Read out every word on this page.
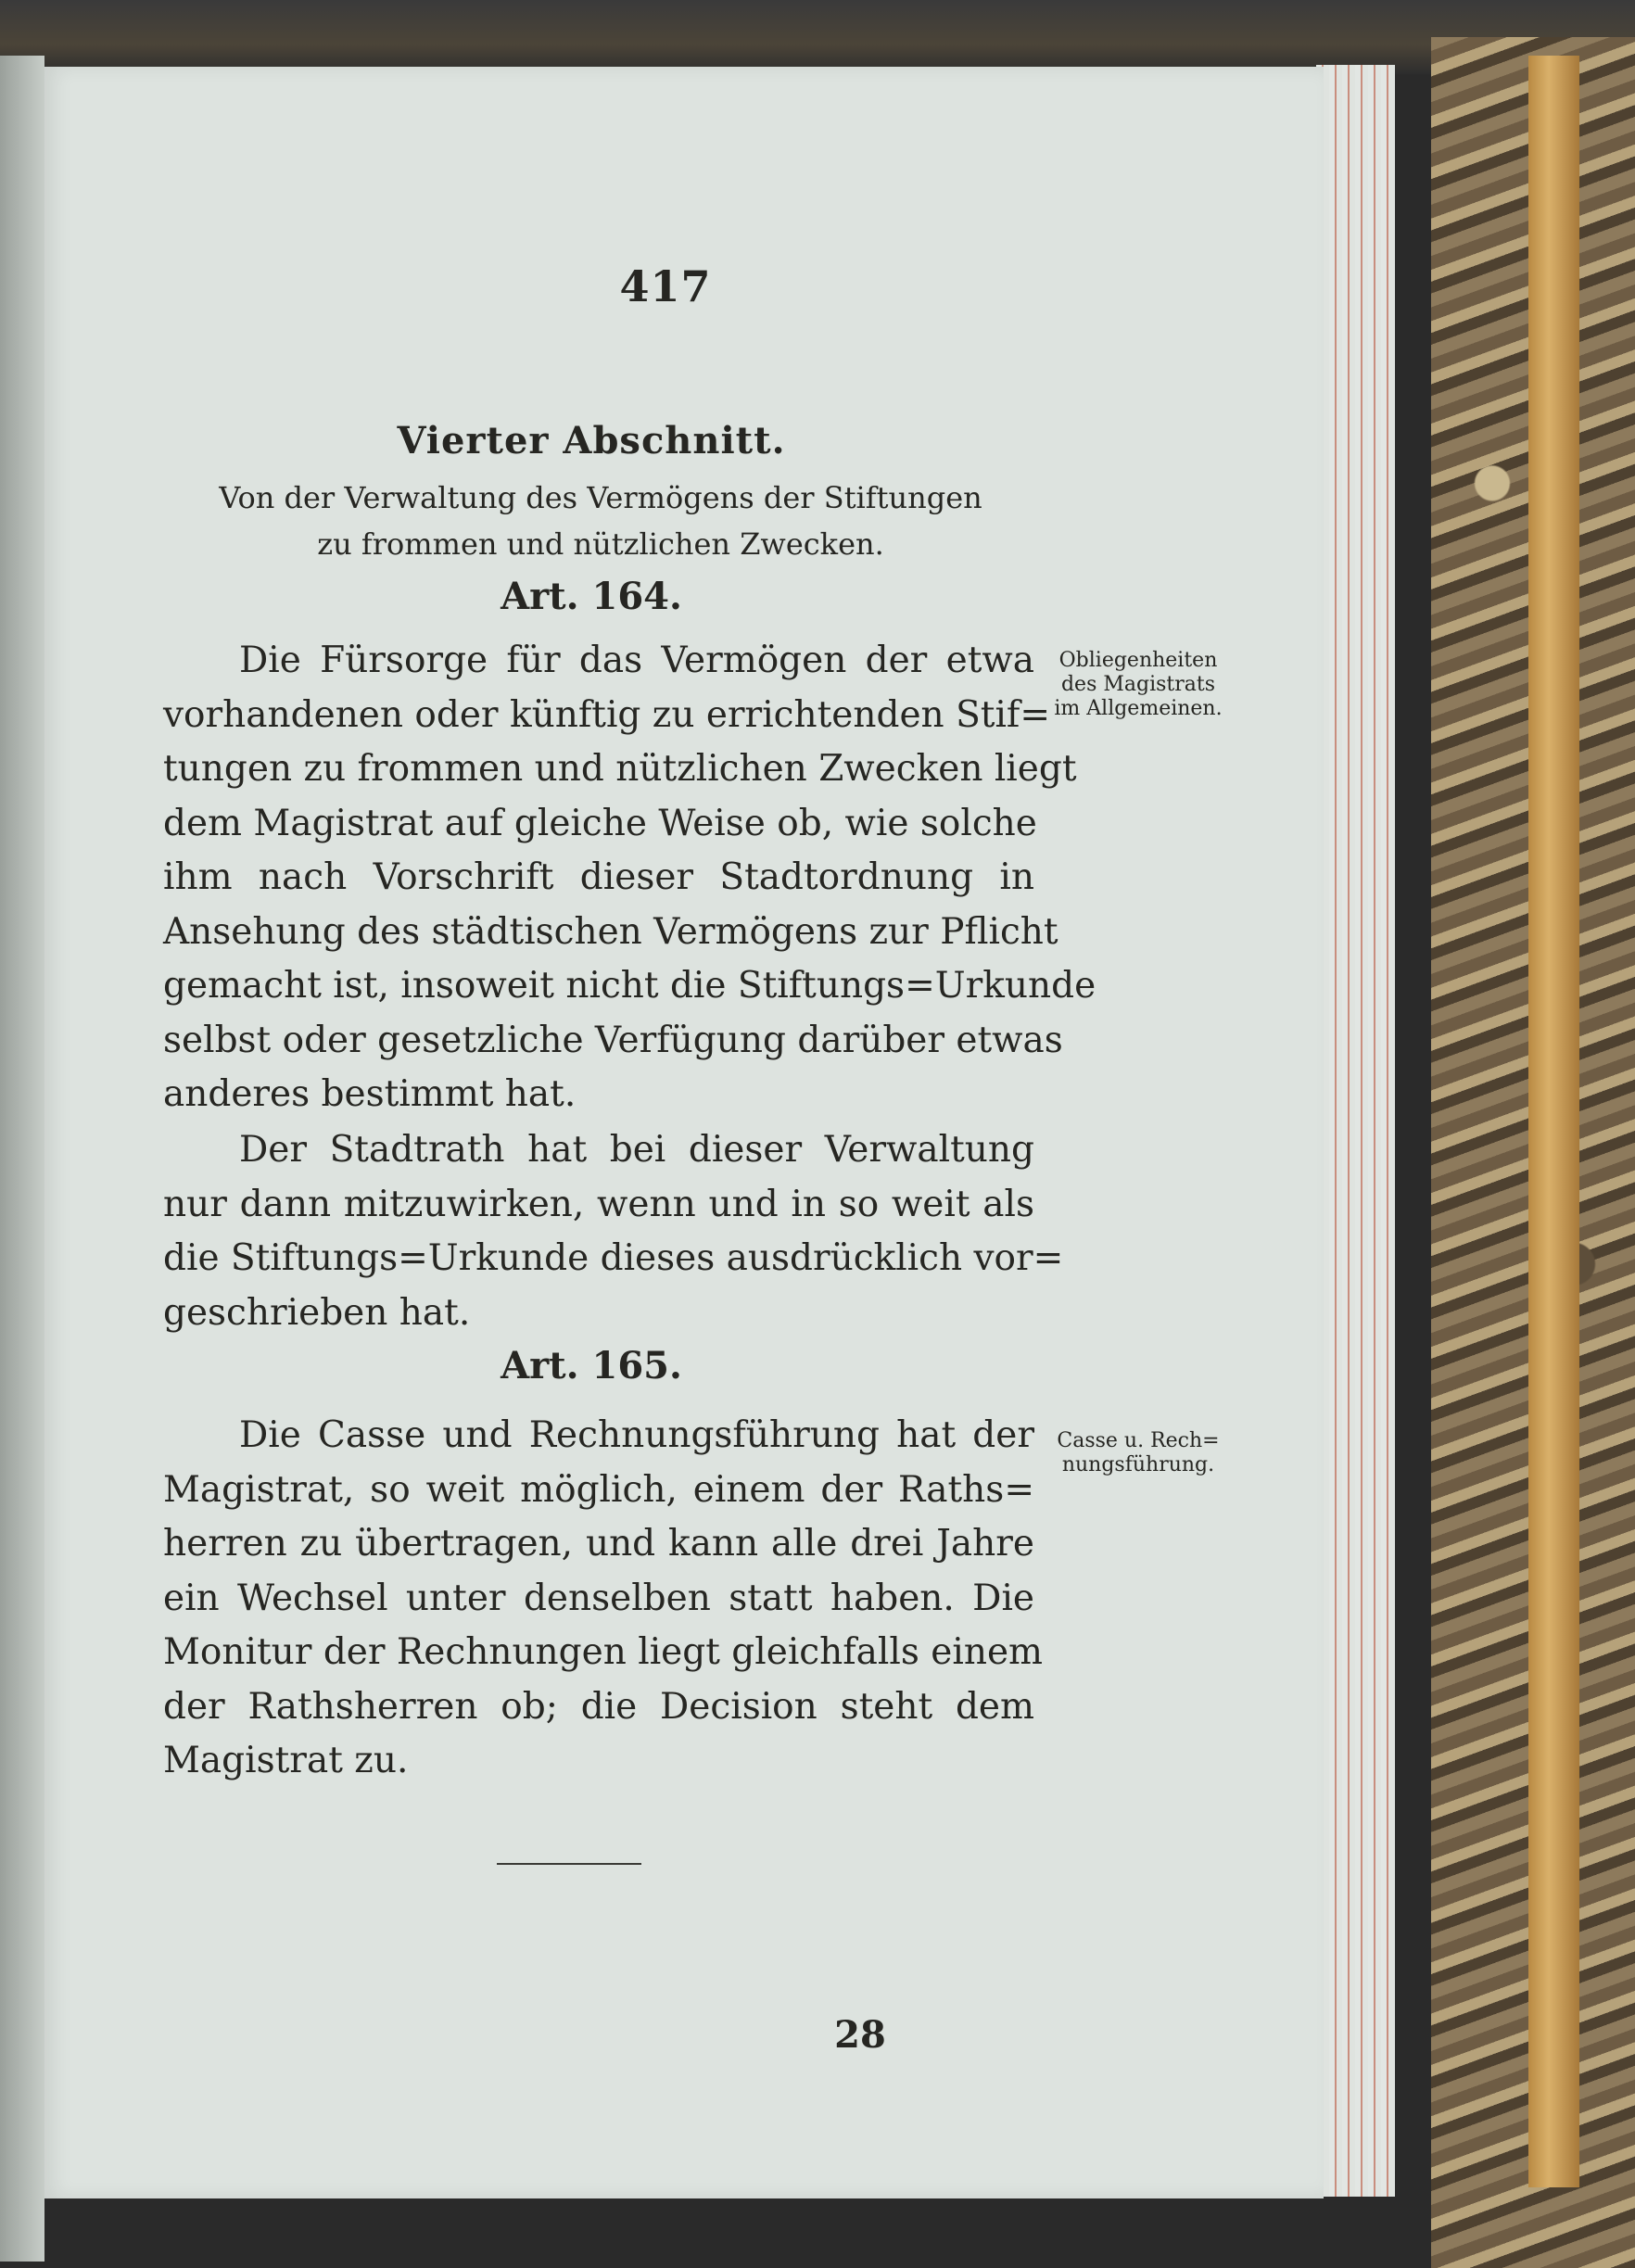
417
Vierter Abschnitt.
Von der Verwaltung des Vermögens der Stiftungen
zu frommen und nützlichen Zwecken.
Art. 164.
Die Fürsorge für das Vermögen der etwa
vorhandenen oder künftig zu errichtenden Stif=
tungen zu frommen und nützlichen Zwecken liegt
dem Magistrat auf gleiche Weise ob, wie solche
ihm nach Vorschrift dieser Stadtordnung in
Ansehung des städtischen Vermögens zur Pflicht
gemacht ist, insoweit nicht die Stiftungs=Urkunde
selbst oder gesetzliche Verfügung darüber etwas
anderes bestimmt hat.
Obliegenheiten
des Magistrats
im Allgemeinen.
Der Stadtrath hat bei dieser Verwaltung
nur dann mitzuwirken, wenn und in so weit als
die Stiftungs=Urkunde dieses ausdrücklich vor=
geschrieben hat.
Art. 165.
Die Casse und Rechnungsführung hat der
Magistrat, so weit möglich, einem der Raths=
herren zu übertragen, und kann alle drei Jahre
ein Wechsel unter denselben statt haben. Die
Monitur der Rechnungen liegt gleichfalls einem
der Rathsherren ob; die Decision steht dem
Magistrat zu.
Casse u. Rech=
nungsführung.
28
